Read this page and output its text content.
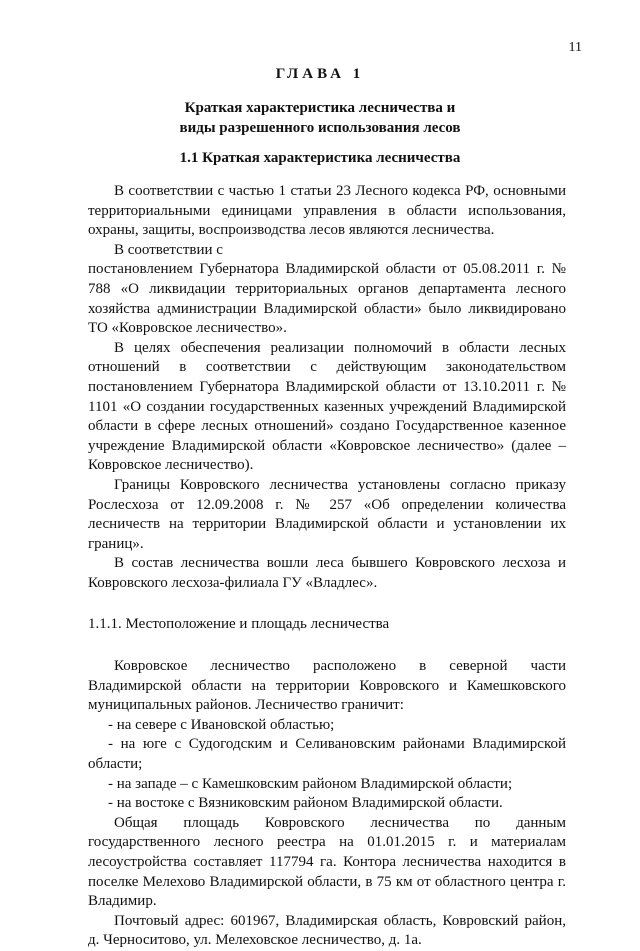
11
ГЛАВА 1
Краткая характеристика лесничества и
виды разрешенного использования лесов
1.1 Краткая характеристика лесничества

В соответствии с частью 1 статьи 23 Лесного кодекса РФ, основными территориальными единицами управления в области использования, охраны, защиты, воспроизводства лесов являются лесничества.

В соответствии с

постановлением Губернатора Владимирской области от 05.08.2011 г. № 788 «О ликвидации территориальных органов департамента лесного хозяйства администрации Владимирской области» было ликвидировано ТО «Ковровское лесничество».

В целях обеспечения реализации полномочий в области лесных отношений в соответствии с действующим законодательством постановлением Губернатора Владимирской области от 13.10.2011 г. № 1101 «О создании государственных казенных учреждений Владимирской области в сфере лесных отношений» создано Государственное казенное учреждение Владимирской области «Ковровское лесничество» (далее – Ковровское лесничество).

Границы Ковровского лесничества установлены согласно приказу Рослесхоза от 12.09.2008 г. № 257 «Об определении количества лесничеств на территории Владимирской области и установлении их границ».

В состав лесничества вошли леса бывшего Ковровского лесхоза и Ковровского лесхоза-филиала ГУ «Владлес».

1.1.1. Местоположение и площадь лесничества

Ковровское лесничество расположено в северной части Владимирской области на территории Ковровского и Камешковского муниципальных районов. Лесничество граничит:

- на севере с Ивановской областью;

- на юге с Судогодским и Селивановским районами Владимирской области;

- на западе – с Камешковским районом Владимирской области;

- на востоке с Вязниковским районом Владимирской области.

Общая площадь Ковровского лесничества по данным государственного лесного реестра на 01.01.2015 г. и материалам лесоустройства составляет 117794 га. Контора лесничества находится в поселке Мелехово Владимирской области, в 75 км от областного центра г. Владимир.

Почтовый адрес: 601967, Владимирская область, Ковровский район, д. Черноситово, ул. Мелеховское лесничество, д. 1а.
